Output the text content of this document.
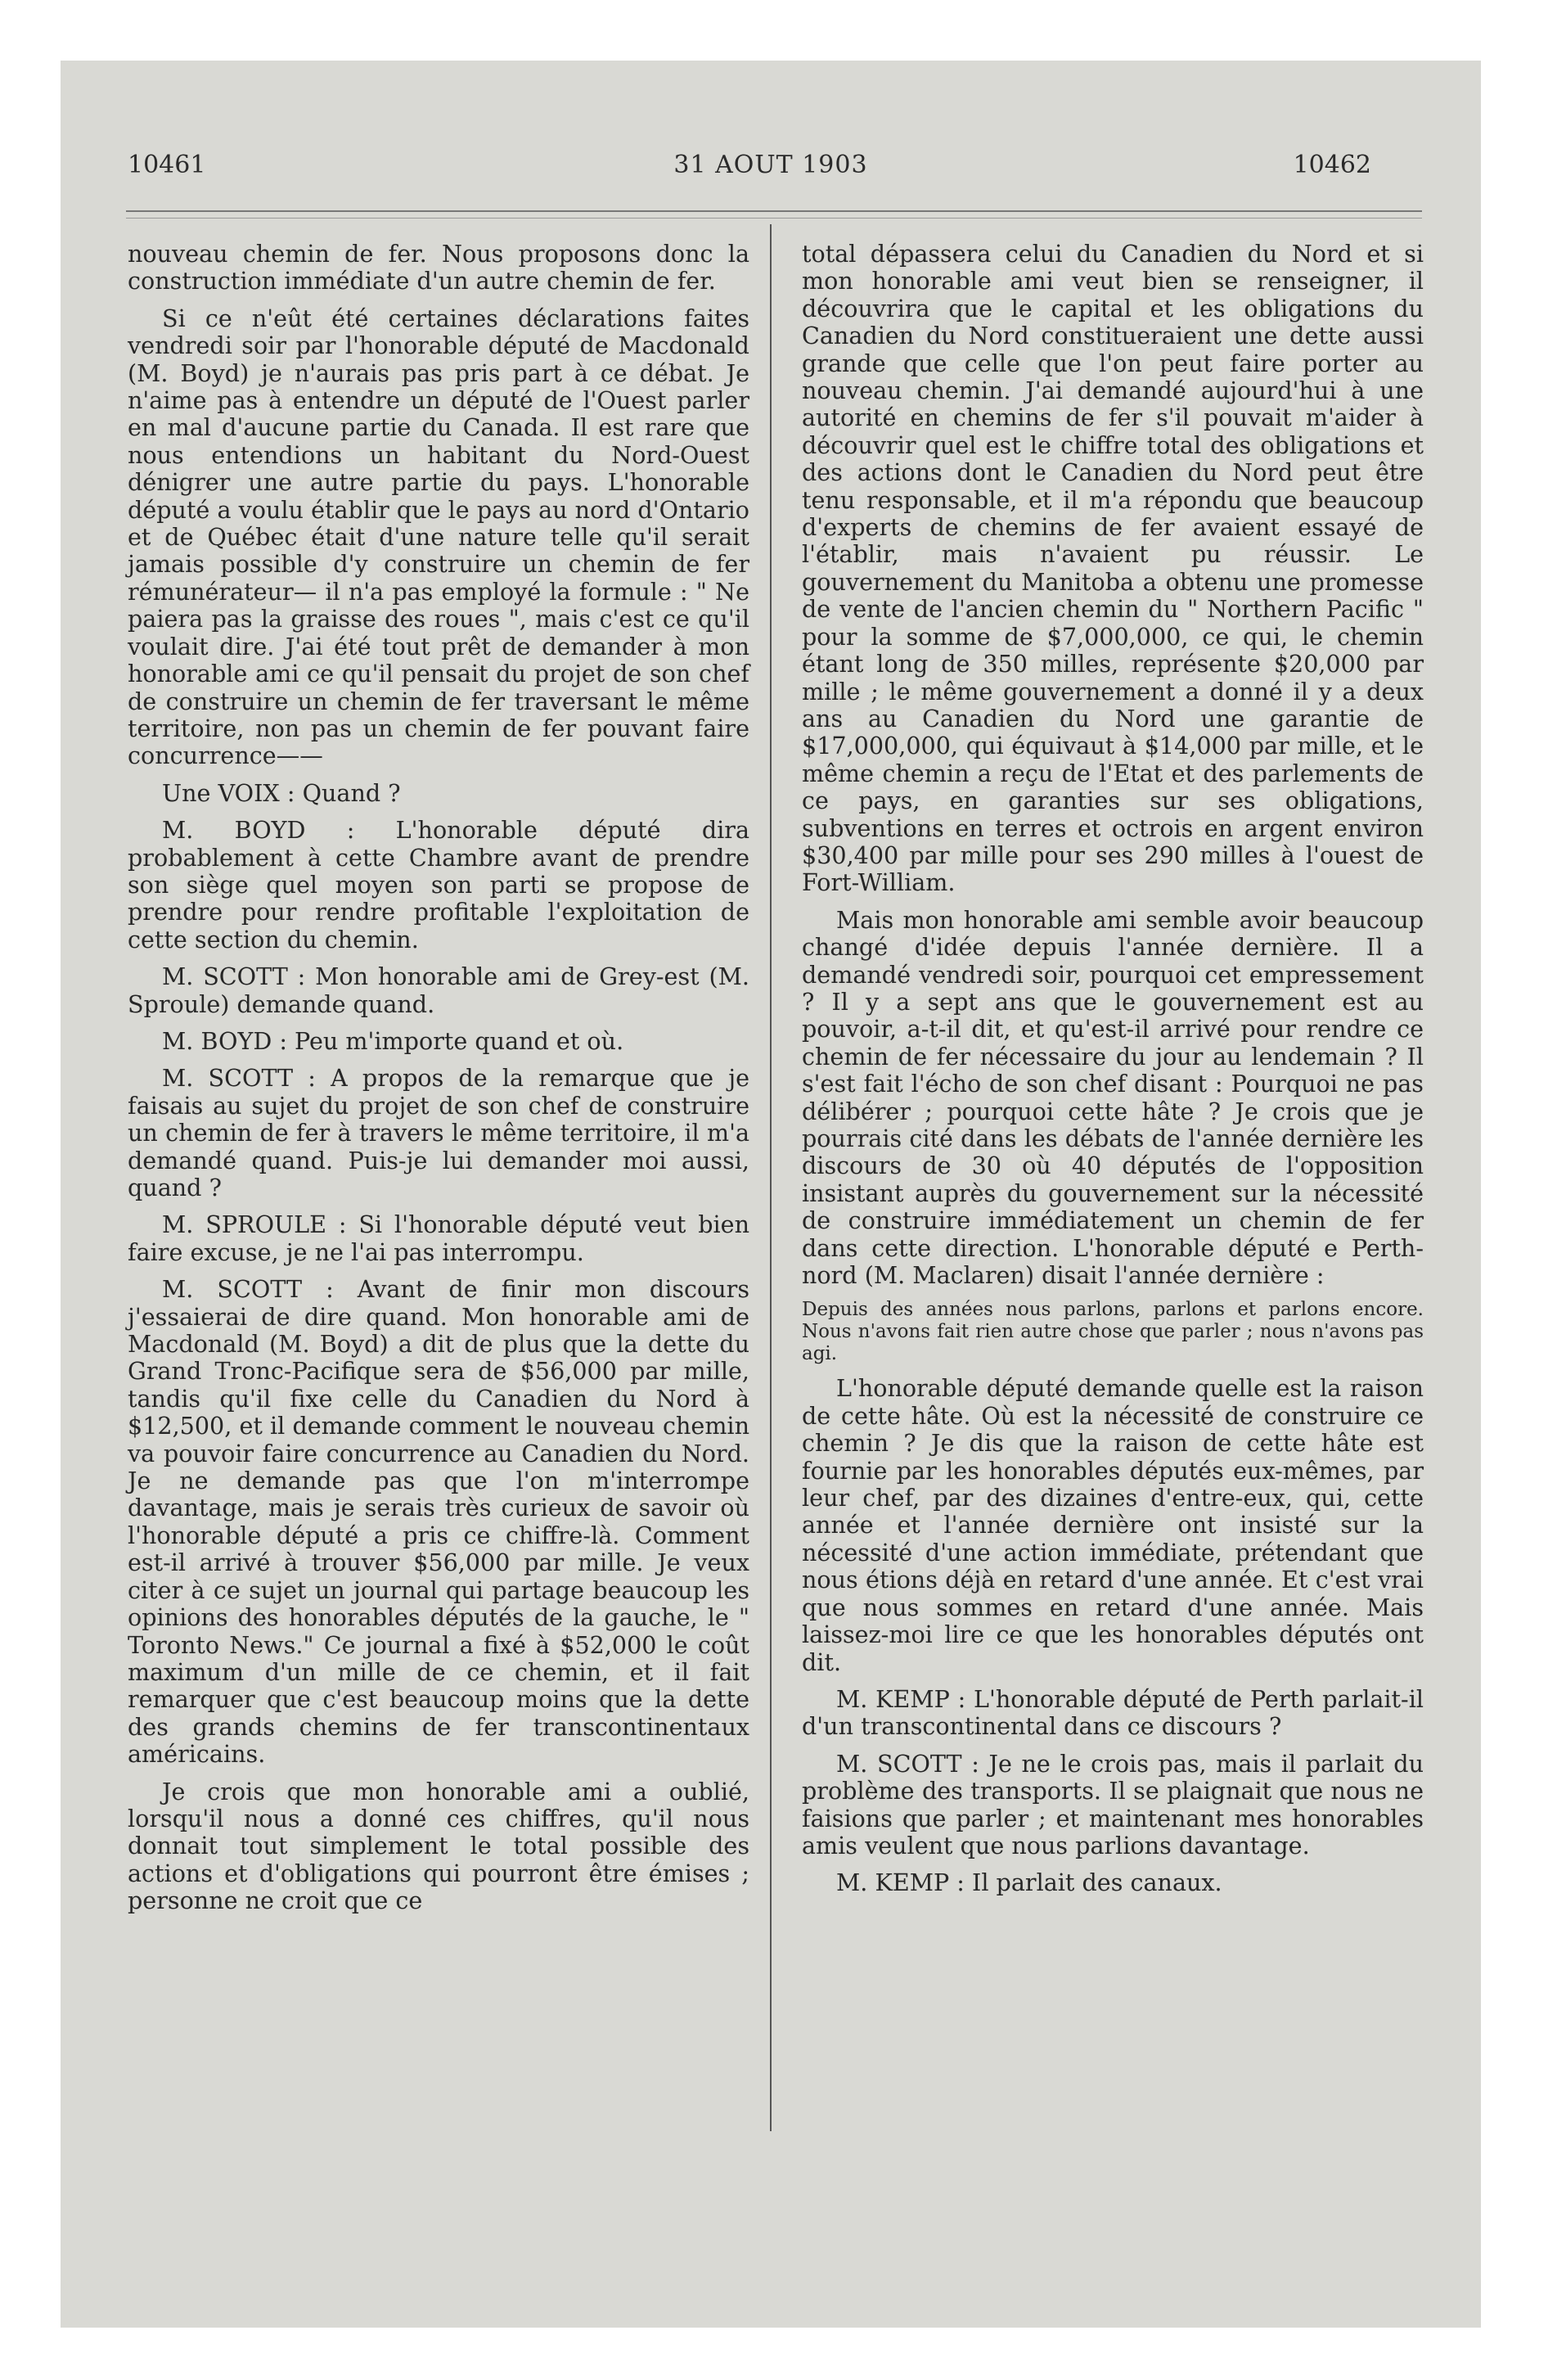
10461	31 AOUT 1903	10462

nouveau chemin de fer. Nous proposons donc la construction immédiate d'un autre chemin de fer.

Si ce n'eût été certaines déclarations faites vendredi soir par l'honorable député de Macdonald (M. Boyd) je n'aurais pas pris part à ce débat. Je n'aime pas à entendre un député de l'Ouest parler en mal d'aucune partie du Canada. Il est rare que nous entendions un habitant du Nord-Ouest dénigrer une autre partie du pays. L'honorable député a voulu établir que le pays au nord d'Ontario et de Québec était d'une nature telle qu'il serait jamais possible d'y construire un chemin de fer rémunérateur— il n'a pas employé la formule : " Ne paiera pas la graisse des roues ", mais c'est ce qu'il voulait dire. J'ai été tout prêt de demander à mon honorable ami ce qu'il pensait du projet de son chef de construire un chemin de fer traversant le même territoire, non pas un chemin de fer pouvant faire concurrence——

Une VOIX : Quand ?

M. BOYD : L'honorable député dira probablement à cette Chambre avant de prendre son siège quel moyen son parti se propose de prendre pour rendre profitable l'exploitation de cette section du chemin.

M. SCOTT : Mon honorable ami de Grey-est (M. Sproule) demande quand.

M. BOYD : Peu m'importe quand et où.

M. SCOTT : A propos de la remarque que je faisais au sujet du projet de son chef de construire un chemin de fer à travers le même territoire, il m'a demandé quand. Puis-je lui demander moi aussi, quand ?

M. SPROULE : Si l'honorable député veut bien faire excuse, je ne l'ai pas interrompu.

M. SCOTT : Avant de finir mon discours j'essaierai de dire quand. Mon honorable ami de Macdonald (M. Boyd) a dit de plus que la dette du Grand Tronc-Pacifique sera de $56,000 par mille, tandis qu'il fixe celle du Canadien du Nord à $12,500, et il demande comment le nouveau chemin va pouvoir faire concurrence au Canadien du Nord. Je ne demande pas que l'on m'interrompe davantage, mais je serais très curieux de savoir où l'honorable député a pris ce chiffre-là. Comment est-il arrivé à trouver $56,000 par mille. Je veux citer à ce sujet un journal qui partage beaucoup les opinions des honorables députés de la gauche, le " Toronto News." Ce journal a fixé à $52,000 le coût maximum d'un mille de ce chemin, et il fait remarquer que c'est beaucoup moins que la dette des grands chemins de fer transcontinentaux américains.

Je crois que mon honorable ami a oublié, lorsqu'il nous a donné ces chiffres, qu'il nous donnait tout simplement le total possible des actions et d'obligations qui pourront être émises ; personne ne croit que ce

total dépassera celui du Canadien du Nord et si mon honorable ami veut bien se renseigner, il découvrira que le capital et les obligations du Canadien du Nord constitueraient une dette aussi grande que celle que l'on peut faire porter au nouveau chemin. J'ai demandé aujourd'hui à une autorité en chemins de fer s'il pouvait m'aider à découvrir quel est le chiffre total des obligations et des actions dont le Canadien du Nord peut être tenu responsable, et il m'a répondu que beaucoup d'experts de chemins de fer avaient essayé de l'établir, mais n'avaient pu réussir. Le gouvernement du Manitoba a obtenu une promesse de vente de l'ancien chemin du " Northern Pacific " pour la somme de $7,000,000, ce qui, le chemin étant long de 350 milles, représente $20,000 par mille ; le même gouvernement a donné il y a deux ans au Canadien du Nord une garantie de $17,000,000, qui équivaut à $14,000 par mille, et le même chemin a reçu de l'Etat et des parlements de ce pays, en garanties sur ses obligations, subventions en terres et octrois en argent environ $30,400 par mille pour ses 290 milles à l'ouest de Fort-William.

Mais mon honorable ami semble avoir beaucoup changé d'idée depuis l'année dernière. Il a demandé vendredi soir, pourquoi cet empressement ? Il y a sept ans que le gouvernement est au pouvoir, a-t-il dit, et qu'est-il arrivé pour rendre ce chemin de fer nécessaire du jour au lendemain ? Il s'est fait l'écho de son chef disant : Pourquoi ne pas délibérer ; pourquoi cette hâte ? Je crois que je pourrais cité dans les débats de l'année dernière les discours de 30 où 40 députés de l'opposition insistant auprès du gouvernement sur la nécessité de construire immédiatement un chemin de fer dans cette direction. L'honorable député e Perth-nord (M. Maclaren) disait l'année dernière :

Depuis des années nous parlons, parlons et parlons encore. Nous n'avons fait rien autre chose que parler ; nous n'avons pas agi.

L'honorable député demande quelle est la raison de cette hâte. Où est la nécessité de construire ce chemin ? Je dis que la raison de cette hâte est fournie par les honorables députés eux-mêmes, par leur chef, par des dizaines d'entre-eux, qui, cette année et l'année dernière ont insisté sur la nécessité d'une action immédiate, prétendant que nous étions déjà en retard d'une année. Et c'est vrai que nous sommes en retard d'une année. Mais laissez-moi lire ce que les honorables députés ont dit.

M. KEMP : L'honorable député de Perth parlait-il d'un transcontinental dans ce discours ?

M. SCOTT : Je ne le crois pas, mais il parlait du problème des transports. Il se plaignait que nous ne faisions que parler ; et maintenant mes honorables amis veulent que nous parlions davantage.

M. KEMP : Il parlait des canaux.
